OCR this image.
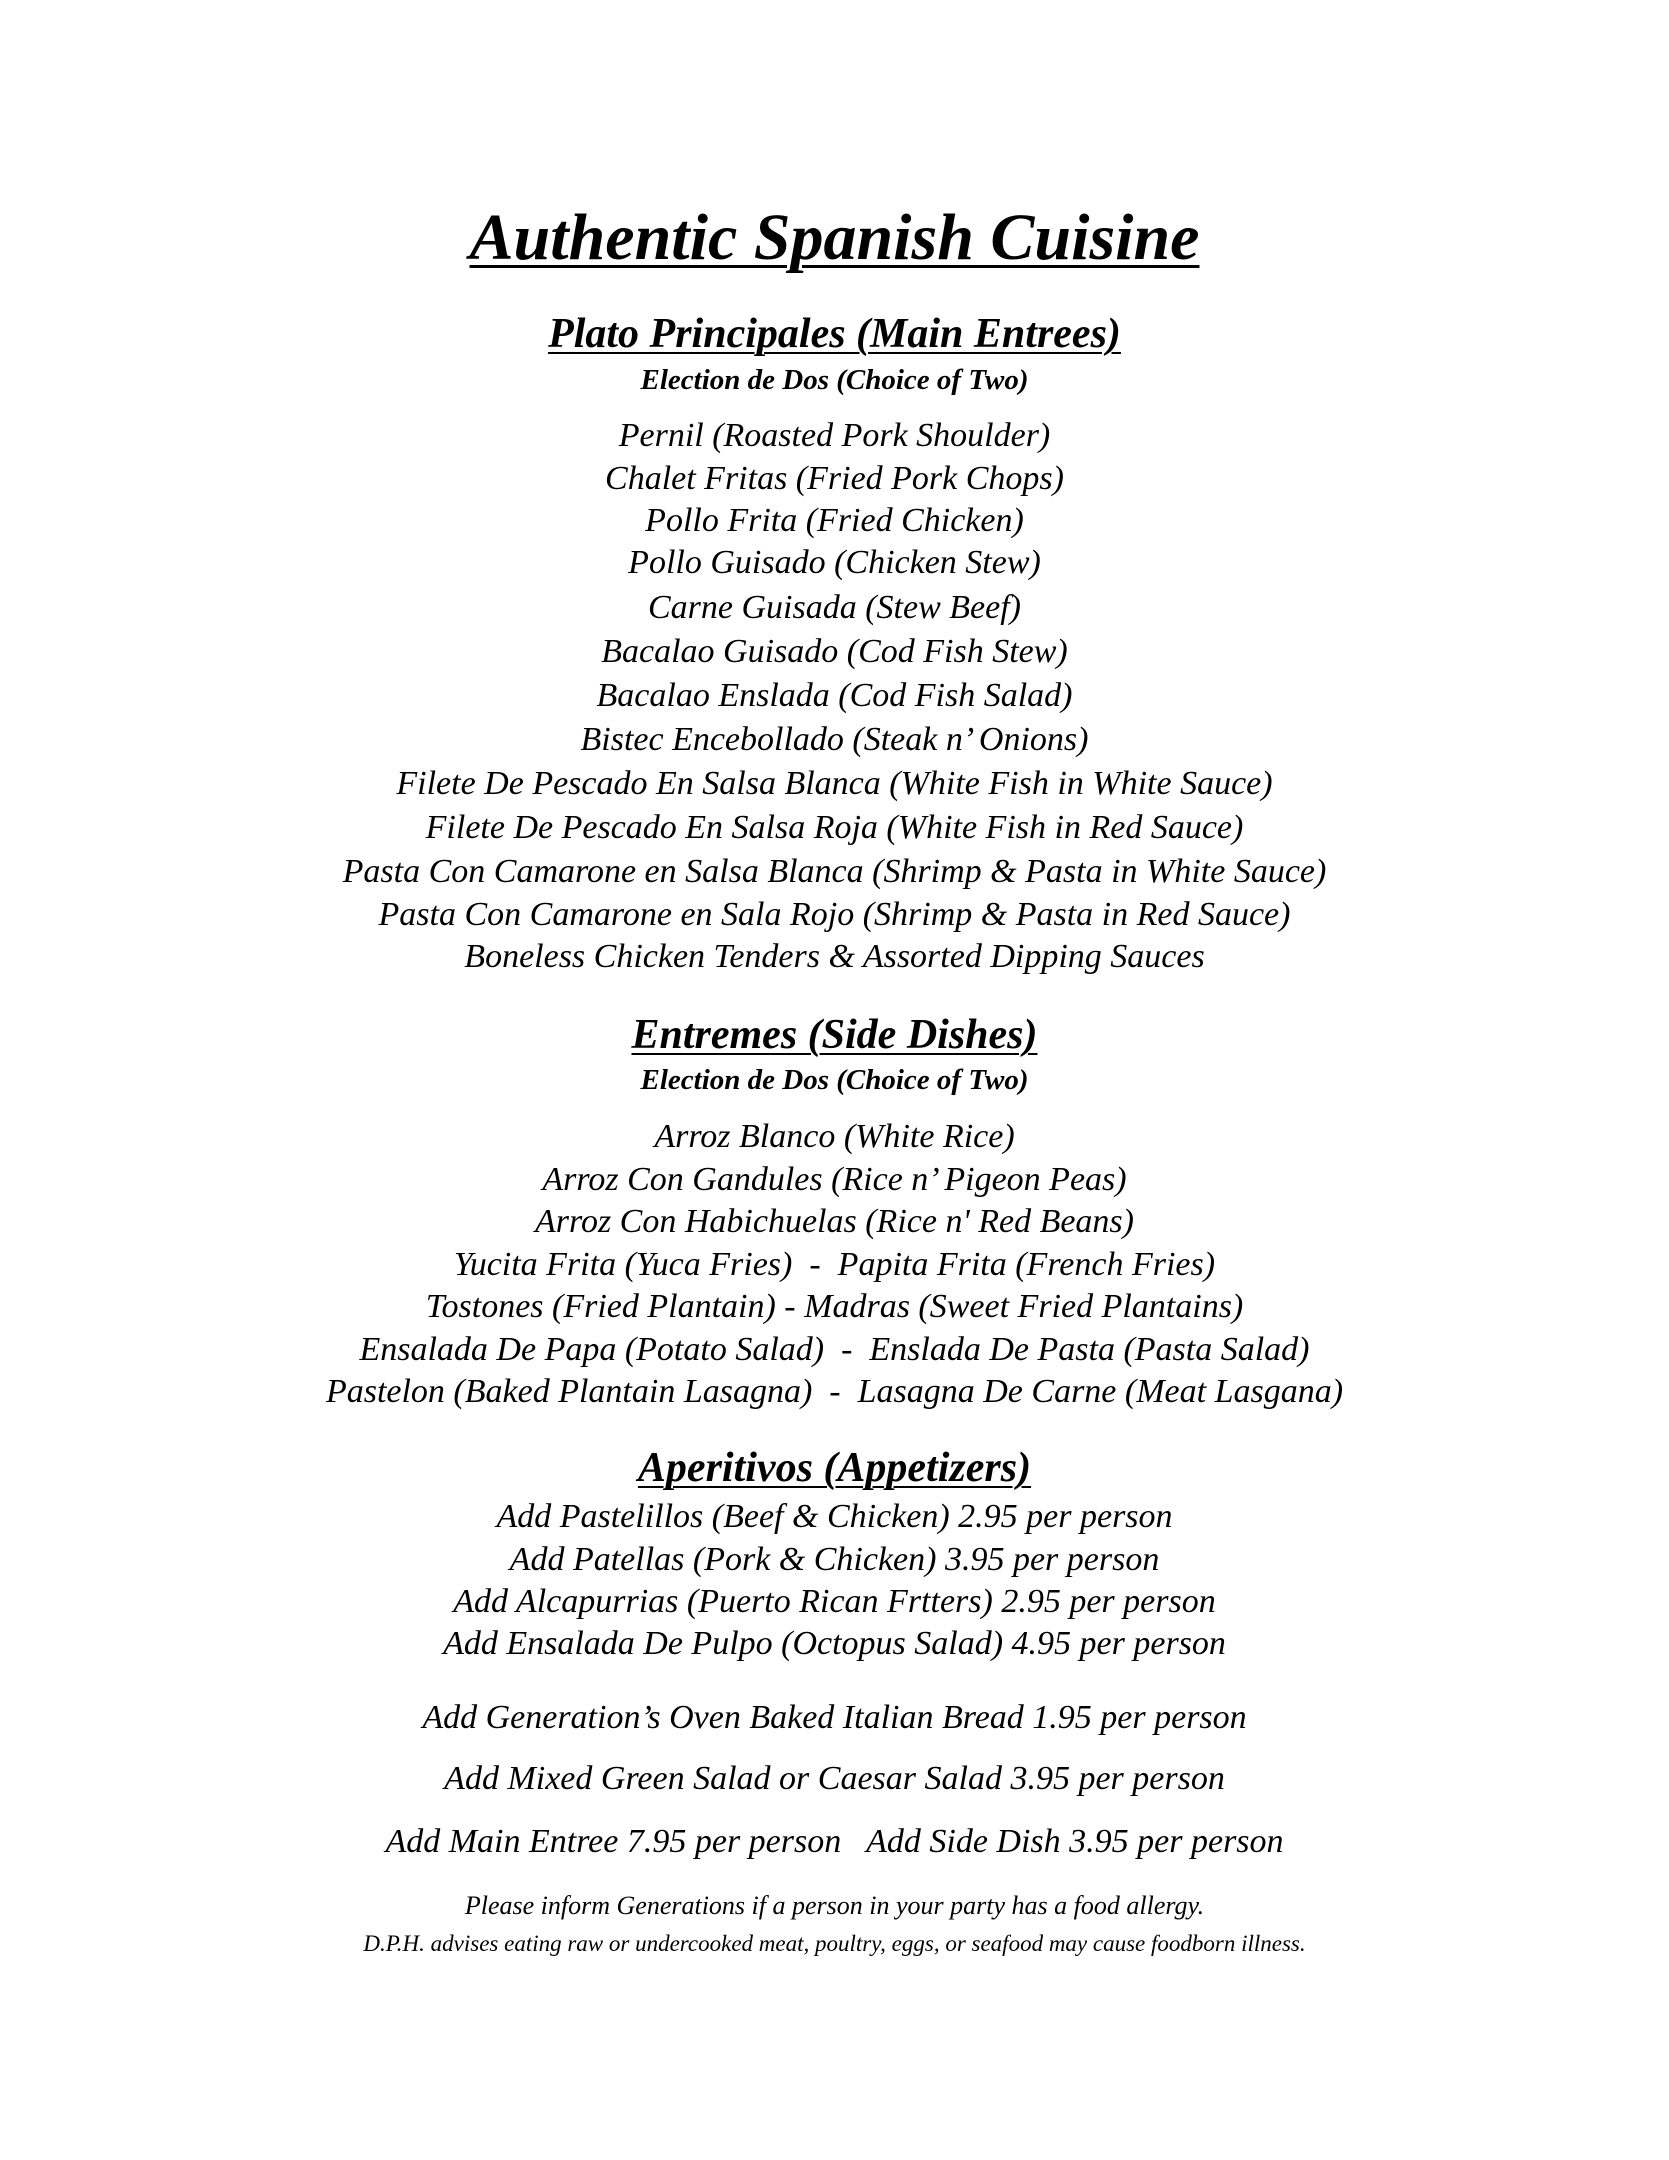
Authentic Spanish Cuisine
Plato Principales (Main Entrees)
Election de Dos (Choice of Two)
Pernil (Roasted Pork Shoulder)
Chalet Fritas (Fried Pork Chops)
Pollo Frita (Fried Chicken)
Pollo Guisado (Chicken Stew)
Carne Guisada (Stew Beef)
Bacalao Guisado (Cod Fish Stew)
Bacalao Enslada (Cod Fish Salad)
Bistec Encebollado (Steak n’ Onions)
Filete De Pescado En Salsa Blanca (White Fish in White Sauce)
Filete De Pescado En Salsa Roja (White Fish in Red Sauce)
Pasta Con Camarone en Salsa Blanca (Shrimp & Pasta in White Sauce)
Pasta Con Camarone en Sala Rojo (Shrimp & Pasta in Red Sauce)
Boneless Chicken Tenders & Assorted Dipping Sauces
Entremes (Side Dishes)
Election de Dos (Choice of Two)
Arroz Blanco (White Rice)
Arroz Con Gandules (Rice n’ Pigeon Peas)
Arroz Con Habichuelas (Rice n' Red Beans)
Yucita Frita (Yuca Fries)  -  Papita Frita (French Fries)
Tostones (Fried Plantain) - Madras (Sweet Fried Plantains)
Ensalada De Papa (Potato Salad)  -  Enslada De Pasta (Pasta Salad)
Pastelon (Baked Plantain Lasagna)  -  Lasagna De Carne (Meat Lasgana)
Aperitivos (Appetizers)
Add Pastelillos (Beef & Chicken) 2.95 per person
Add Patellas (Pork & Chicken) 3.95 per person
Add Alcapurrias (Puerto Rican Frtters) 2.95 per person
Add Ensalada De Pulpo (Octopus Salad) 4.95 per person
Add Generation’s Oven Baked Italian Bread 1.95 per person
Add Mixed Green Salad or Caesar Salad 3.95 per person
Add Main Entree 7.95 per person   Add Side Dish 3.95 per person
Please inform Generations if a person in your party has a food allergy.
D.P.H. advises eating raw or undercooked meat, poultry, eggs, or seafood may cause foodborn illness.
